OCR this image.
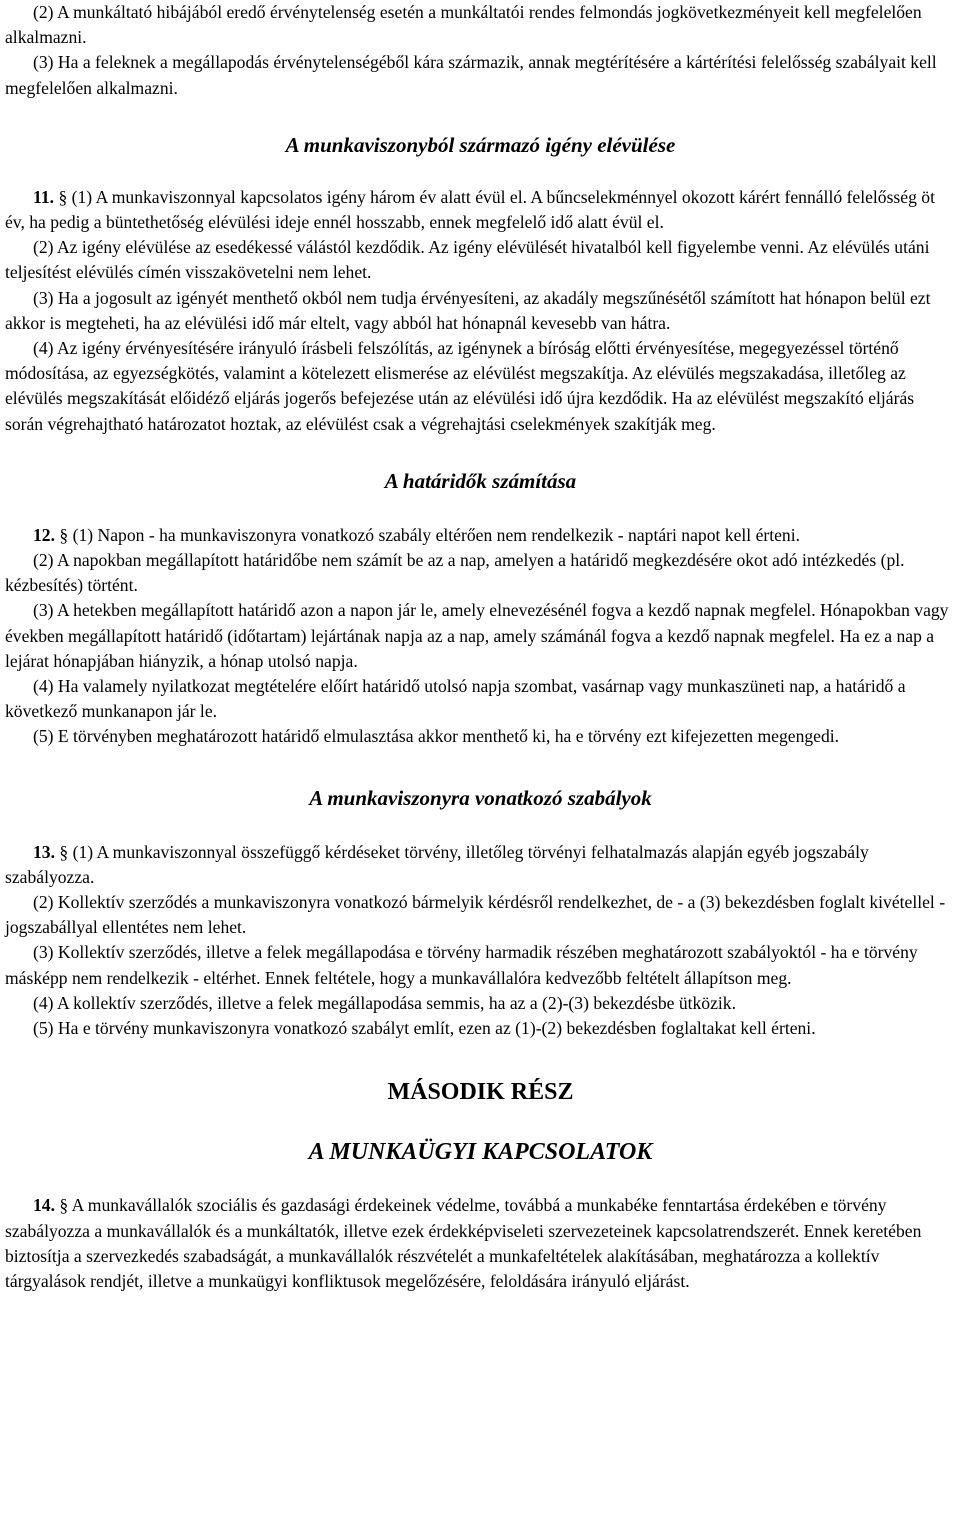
(2) A munkáltató hibájából eredő érvénytelenség esetén a munkáltatói rendes felmondás jogkövetkezményeit kell megfelelően alkalmazni.

(3) Ha a feleknek a megállapodás érvénytelenségéből kára származik, annak megtérítésére a kártérítési felelősség szabályait kell megfelelően alkalmazni.

A munkaviszonyból származó igény elévülése

11. § (1) A munkaviszonnyal kapcsolatos igény három év alatt évül el. A bűncselekménnyel okozott kárért fennálló felelősség öt év, ha pedig a büntethetőség elévülési ideje ennél hosszabb, ennek megfelelő idő alatt évül el.

(2) Az igény elévülése az esedékessé válástól kezdődik. Az igény elévülését hivatalból kell figyelembe venni. Az elévülés utáni teljesítést elévülés címén visszakövetelni nem lehet.

(3) Ha a jogosult az igényét menthető okból nem tudja érvényesíteni, az akadály megszűnésétől számított hat hónapon belül ezt akkor is megteheti, ha az elévülési idő már eltelt, vagy abból hat hónapnál kevesebb van hátra.

(4) Az igény érvényesítésére irányuló írásbeli felszólítás, az igénynek a bíróság előtti érvényesítése, megegyezéssel történő módosítása, az egyezségkötés, valamint a kötelezett elismerése az elévülést megszakítja. Az elévülés megszakadása, illetőleg az elévülés megszakítását előidéző eljárás jogerős befejezése után az elévülési idő újra kezdődik. Ha az elévülést megszakító eljárás során végrehajtható határozatot hoztak, az elévülést csak a végrehajtási cselekmények szakítják meg.

A határidők számítása

12. § (1) Napon - ha munkaviszonyra vonatkozó szabály eltérően nem rendelkezik - naptári napot kell érteni.

(2) A napokban megállapított határidőbe nem számít be az a nap, amelyen a határidő megkezdésére okot adó intézkedés (pl. kézbesítés) történt.

(3) A hetekben megállapított határidő azon a napon jár le, amely elnevezésénél fogva a kezdő napnak megfelel. Hónapokban vagy években megállapított határidő (időtartam) lejártának napja az a nap, amely számánál fogva a kezdő napnak megfelel. Ha ez a nap a lejárat hónapjában hiányzik, a hónap utolsó napja.

(4) Ha valamely nyilatkozat megtételére előírt határidő utolsó napja szombat, vasárnap vagy munkaszüneti nap, a határidő a következő munkanapon jár le.

(5) E törvényben meghatározott határidő elmulasztása akkor menthető ki, ha e törvény ezt kifejezetten megengedi.

A munkaviszonyra vonatkozó szabályok

13. § (1) A munkaviszonnyal összefüggő kérdéseket törvény, illetőleg törvényi felhatalmazás alapján egyéb jogszabály szabályozza.

(2) Kollektív szerződés a munkaviszonyra vonatkozó bármelyik kérdésről rendelkezhet, de - a (3) bekezdésben foglalt kivétellel - jogszabállyal ellentétes nem lehet.

(3) Kollektív szerződés, illetve a felek megállapodása e törvény harmadik részében meghatározott szabályoktól - ha e törvény másképp nem rendelkezik - eltérhet. Ennek feltétele, hogy a munkavállalóra kedvezőbb feltételt állapítson meg.

(4) A kollektív szerződés, illetve a felek megállapodása semmis, ha az a (2)-(3) bekezdésbe ütközik.

(5) Ha e törvény munkaviszonyra vonatkozó szabályt említ, ezen az (1)-(2) bekezdésben foglaltakat kell érteni.

MÁSODIK RÉSZ

A MUNKAÜGYI KAPCSOLATOK

14. § A munkavállalók szociális és gazdasági érdekeinek védelme, továbbá a munkabéke fenntartása érdekében e törvény szabályozza a munkavállalók és a munkáltatók, illetve ezek érdekképviseleti szervezeteinek kapcsolatrendszerét. Ennek keretében biztosítja a szervezkedés szabadságát, a munkavállalók részvételét a munkafeltételek alakításában, meghatározza a kollektív tárgyalások rendjét, illetve a munkaügyi konfliktusok megelőzésére, feloldására irányuló eljárást.
